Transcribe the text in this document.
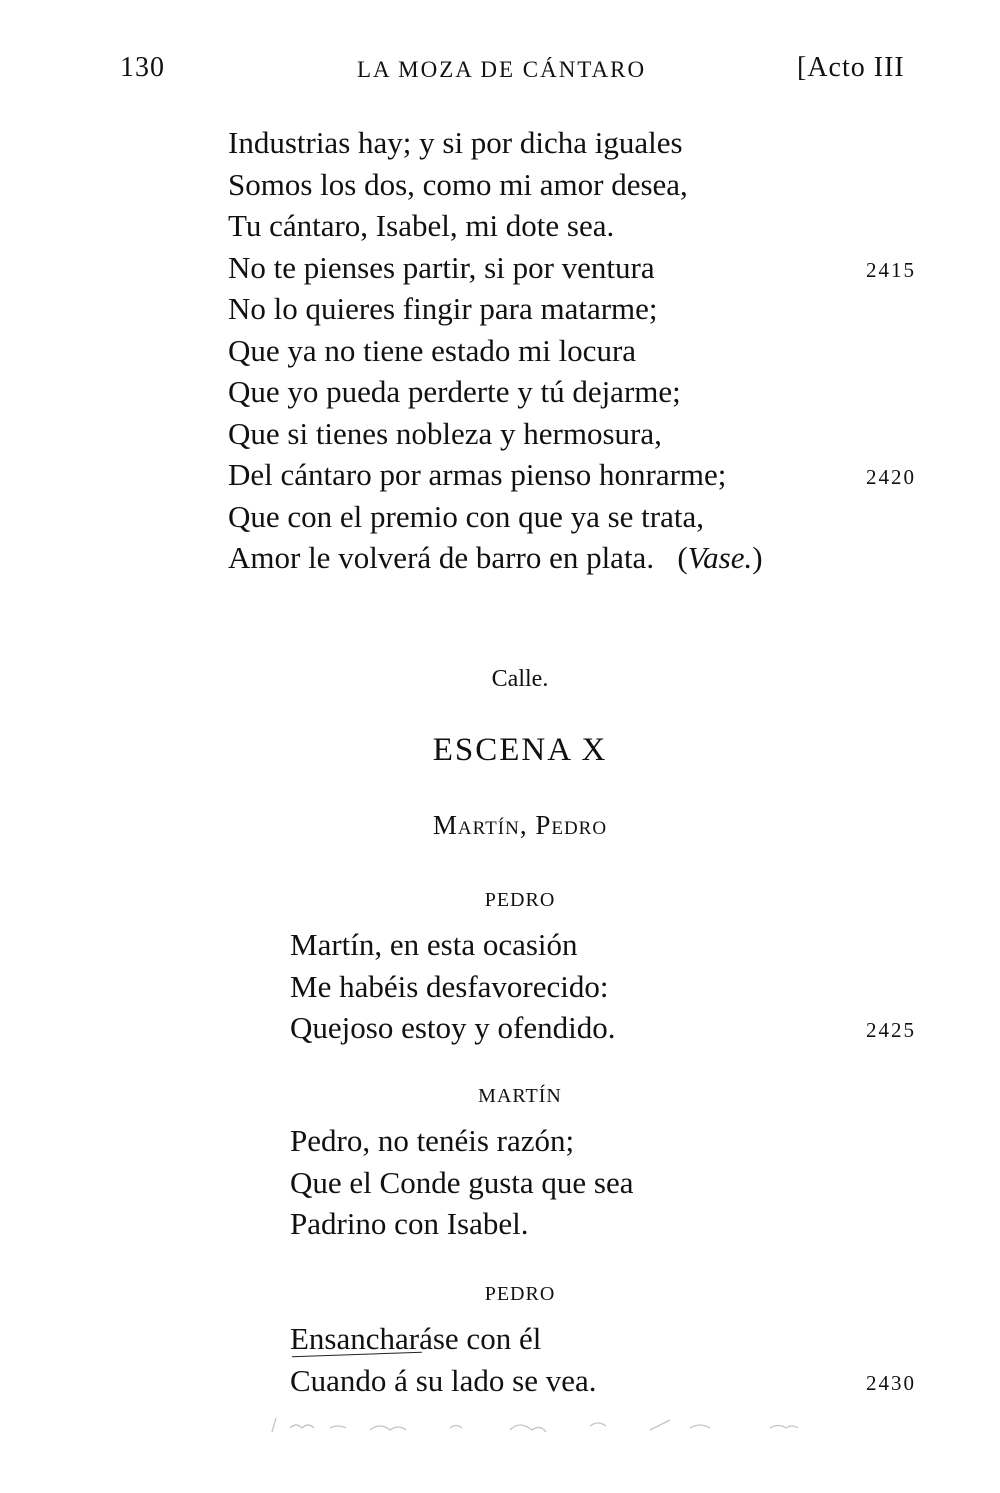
130	LA MOZA DE CÁNTARO	[Acto III
Industrias hay; y si por dicha iguales
Somos los dos, como mi amor desea,
Tu cántaro, Isabel, mi dote sea.
No te pienses partir, si por ventura	2415
No lo quieres fingir para matarme;
Que ya no tiene estado mi locura
Que yo pueda perderte y tú dejarme;
Que si tienes nobleza y hermosura,
Del cántaro por armas pienso honrarme;	2420
Que con el premio con que ya se trata,
Amor le volverá de barro en plata. (Vase.)
Calle.
ESCENA X
Martín, Pedro
PEDRO
Martín, en esta ocasión
Me habéis desfavorecido:
Quejoso estoy y ofendido.	2425
MARTÍN
Pedro, no tenéis razón;
Que el Conde gusta que sea
Padrino con Isabel.
PEDRO
Ensancharáse con él
Cuando á su lado se vea.	2430
